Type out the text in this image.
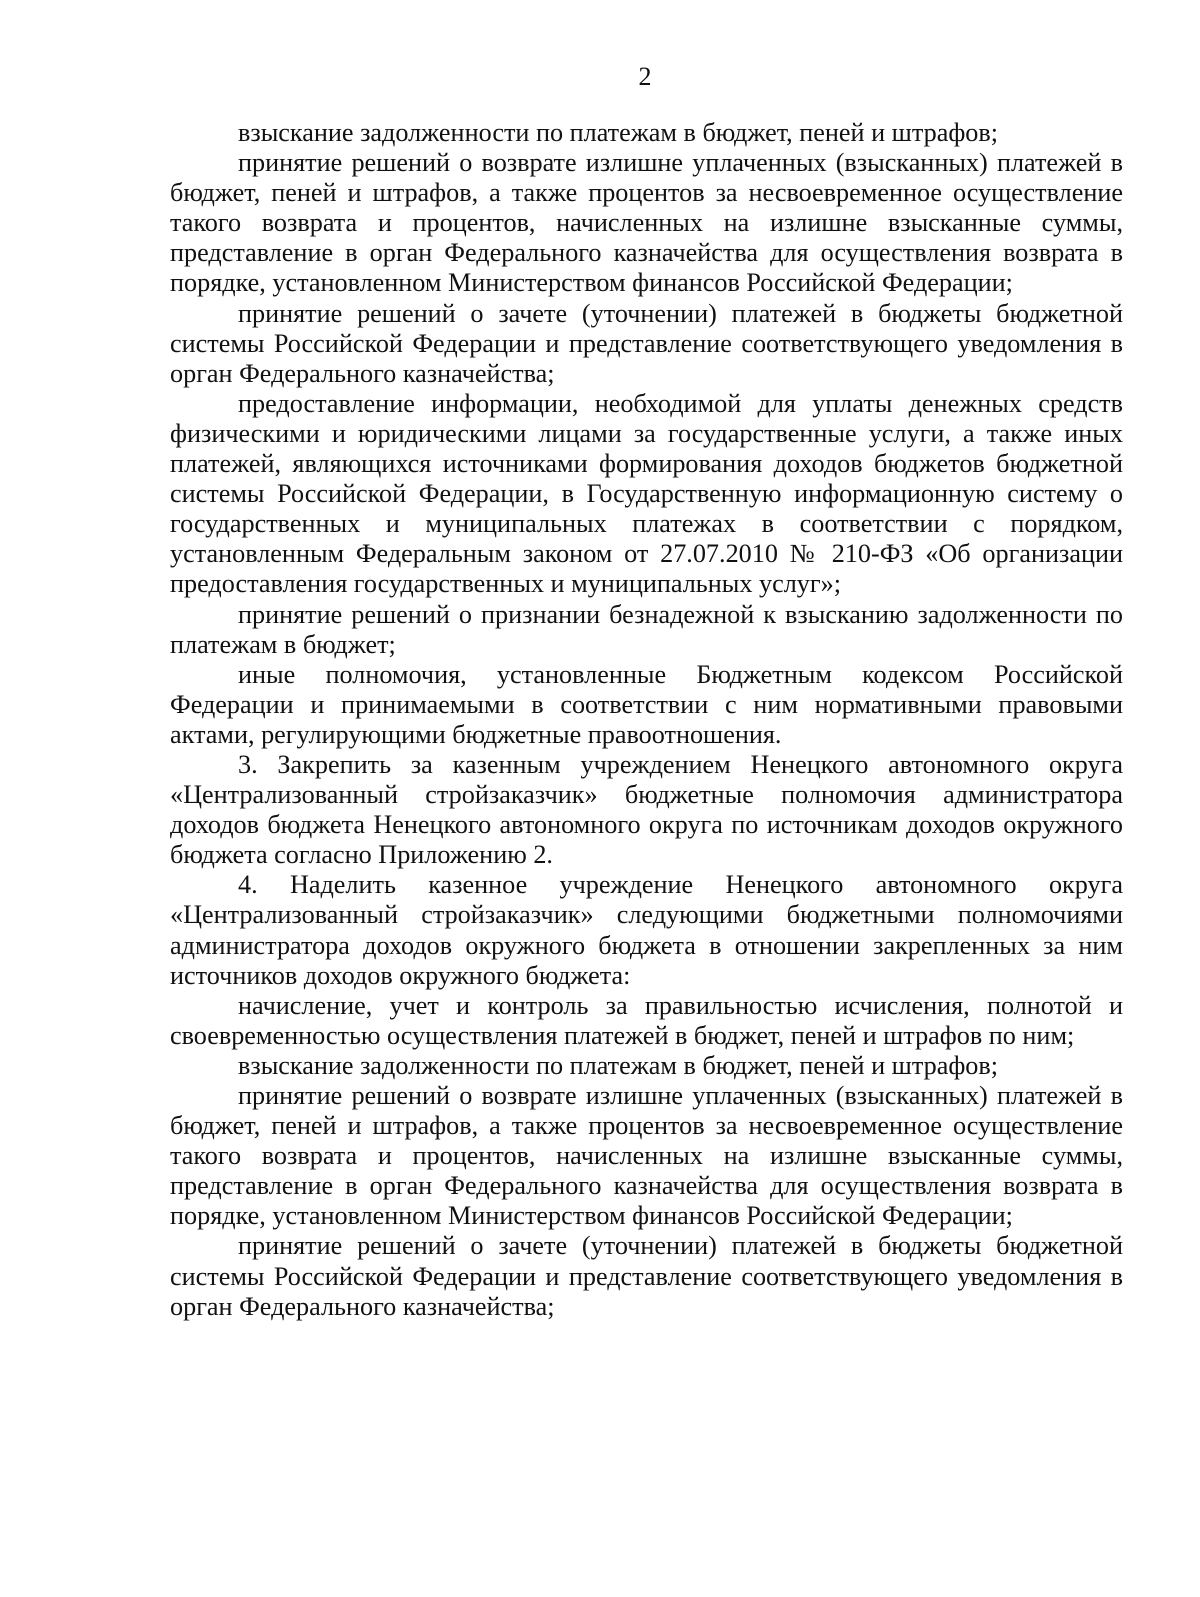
2

взыскание задолженности по платежам в бюджет, пеней и штрафов;

принятие решений о возврате излишне уплаченных (взысканных) платежей в бюджет, пеней и штрафов, а также процентов за несвоевременное осуществление такого возврата и процентов, начисленных на излишне взысканные суммы, представление в орган Федерального казначейства для осуществления возврата в порядке, установленном Министерством финансов Российской Федерации;

принятие решений о зачете (уточнении) платежей в бюджеты бюджетной системы Российской Федерации и представление соответствующего уведомления в орган Федерального казначейства;

предоставление информации, необходимой для уплаты денежных средств физическими и юридическими лицами за государственные услуги, а также иных платежей, являющихся источниками формирования доходов бюджетов бюджетной системы Российской Федерации, в Государственную информационную систему о государственных и муниципальных платежах в соответствии с порядком, установленным Федеральным законом от 27.07.2010 № 210-ФЗ «Об организации предоставления государственных и муниципальных услуг»;

принятие решений о признании безнадежной к взысканию задолженности по платежам в бюджет;

иные полномочия, установленные Бюджетным кодексом Российской Федерации и принимаемыми в соответствии с ним нормативными правовыми актами, регулирующими бюджетные правоотношения.

3. Закрепить за казенным учреждением Ненецкого автономного округа «Централизованный стройзаказчик» бюджетные полномочия администратора доходов бюджета Ненецкого автономного округа по источникам доходов окружного бюджета согласно Приложению 2.

4. Наделить казенное учреждение Ненецкого автономного округа «Централизованный стройзаказчик» следующими бюджетными полномочиями администратора доходов окружного бюджета в отношении закрепленных за ним источников доходов окружного бюджета:

начисление, учет и контроль за правильностью исчисления, полнотой и своевременностью осуществления платежей в бюджет, пеней и штрафов по ним;

взыскание задолженности по платежам в бюджет, пеней и штрафов;

принятие решений о возврате излишне уплаченных (взысканных) платежей в бюджет, пеней и штрафов, а также процентов за несвоевременное осуществление такого возврата и процентов, начисленных на излишне взысканные суммы, представление в орган Федерального казначейства для осуществления возврата в порядке, установленном Министерством финансов Российской Федерации;

принятие решений о зачете (уточнении) платежей в бюджеты бюджетной системы Российской Федерации и представление соответствующего уведомления в орган Федерального казначейства;
